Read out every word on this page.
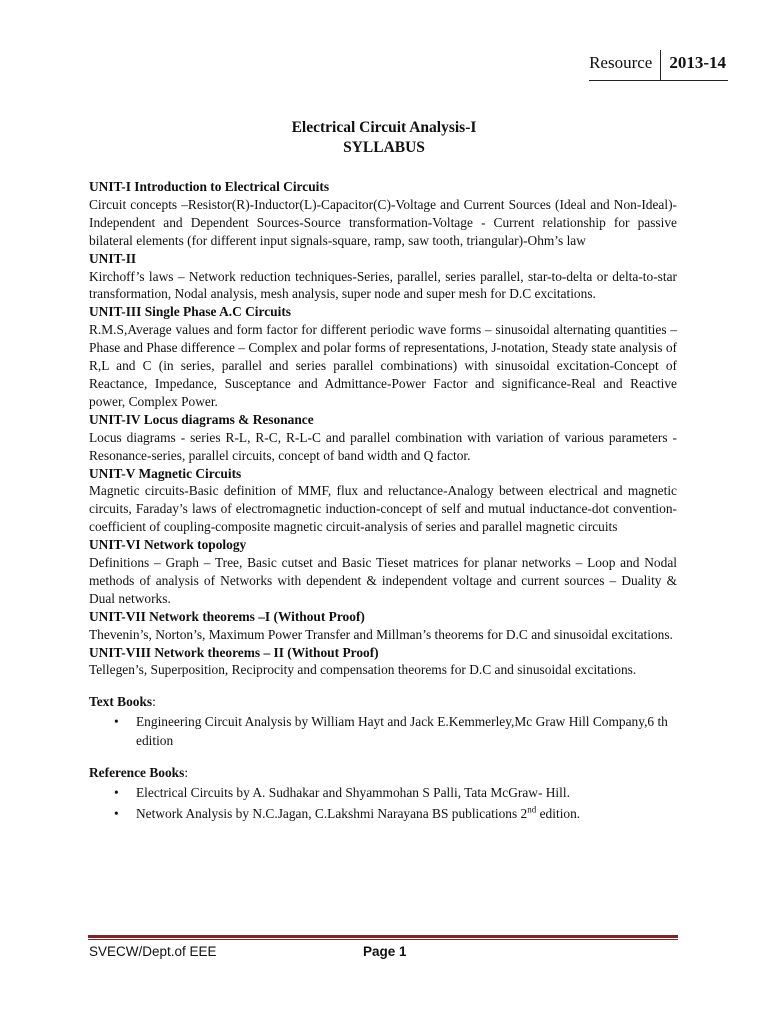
Resource	2013-14
Electrical Circuit Analysis-I
SYLLABUS

UNIT-I Introduction to Electrical Circuits

Circuit concepts –Resistor(R)-Inductor(L)-Capacitor(C)-Voltage and Current Sources (Ideal and Non-Ideal)- Independent and Dependent Sources-Source transformation-Voltage - Current relationship for passive bilateral elements (for different input signals-square, ramp, saw tooth, triangular)-Ohm’s law

UNIT-II

Kirchoff’s laws – Network reduction techniques-Series, parallel, series parallel, star-to-delta or delta-to-star transformation, Nodal analysis, mesh analysis, super node and super mesh for D.C excitations.

UNIT-III Single Phase A.C Circuits

R.M.S,Average values and form factor for different periodic wave forms – sinusoidal alternating quantities – Phase and Phase difference – Complex and polar forms of representations, J-notation, Steady state analysis of R,L and C (in series, parallel and series parallel combinations) with sinusoidal excitation-Concept of Reactance, Impedance, Susceptance and Admittance-Power Factor and significance-Real and Reactive power, Complex Power.

UNIT-IV Locus diagrams & Resonance

Locus diagrams - series R-L, R-C, R-L-C and parallel combination with variation of various parameters - Resonance-series, parallel circuits, concept of band width and Q factor.

UNIT-V Magnetic Circuits

Magnetic circuits-Basic definition of MMF, flux and reluctance-Analogy between electrical and magnetic circuits, Faraday’s laws of electromagnetic induction-concept of self and mutual inductance-dot convention-coefficient of coupling-composite magnetic circuit-analysis of series and parallel magnetic circuits

UNIT-VI Network topology

Definitions – Graph – Tree, Basic cutset and Basic Tieset matrices for planar networks – Loop and Nodal methods of analysis of Networks with dependent & independent voltage and current sources – Duality & Dual networks.

UNIT-VII Network theorems –I (Without Proof)

Thevenin’s, Norton’s, Maximum Power Transfer and Millman’s theorems for D.C and sinusoidal excitations.

UNIT-VIII Network theorems – II (Without Proof)

Tellegen’s, Superposition, Reciprocity and compensation theorems for D.C and sinusoidal excitations.

Text Books:

• Engineering Circuit Analysis by William Hayt and Jack E.Kemmerley,Mc Graw Hill Company,6 th edition

Reference Books:

• Electrical Circuits by A. Sudhakar and Shyammohan S Palli, Tata McGraw- Hill.
• Network Analysis by N.C.Jagan, C.Lakshmi Narayana BS publications 2nd edition.
SVECW/Dept.of EEE	Page 1
